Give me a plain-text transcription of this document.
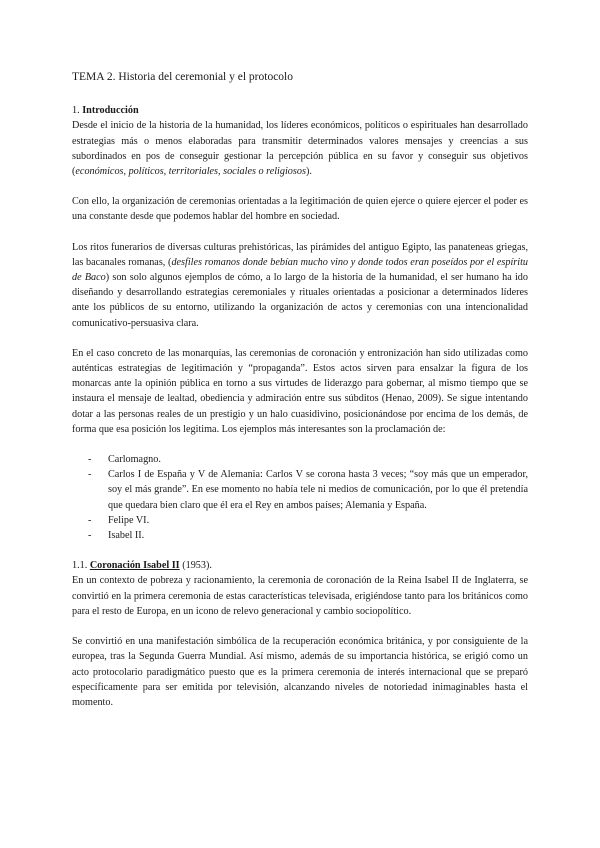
TEMA 2. Historia del ceremonial y el protocolo
1. Introducción

Desde el inicio de la historia de la humanidad, los líderes económicos, políticos o espirituales han desarrollado estrategias más o menos elaboradas para transmitir determinados valores mensajes y creencias a sus subordinados en pos de conseguir gestionar la percepción pública en su favor y conseguir sus objetivos (económicos, políticos, territoriales, sociales o religiosos).

Con ello, la organización de ceremonias orientadas a la legitimación de quien ejerce o quiere ejercer el poder es una constante desde que podemos hablar del hombre en sociedad.

Los ritos funerarios de diversas culturas prehistóricas, las pirámides del antiguo Egipto, las panateneas griegas, las bacanales romanas, (desfiles romanos donde bebían mucho vino y donde todos eran poseídos por el espíritu de Baco) son solo algunos ejemplos de cómo, a lo largo de la historia de la humanidad, el ser humano ha ido diseñando y desarrollando estrategias ceremoniales y rituales orientadas a posicionar a determinados líderes ante los públicos de su entorno, utilizando la organización de actos y ceremonias con una intencionalidad comunicativo-persuasiva clara.

En el caso concreto de las monarquías, las ceremonias de coronación y entronización han sido utilizadas como auténticas estrategias de legitimación y “propaganda”. Estos actos sirven para ensalzar la figura de los monarcas ante la opinión pública en torno a sus virtudes de liderazgo para gobernar, al mismo tiempo que se instaura el mensaje de lealtad, obediencia y admiración entre sus súbditos (Henao, 2009). Se sigue intentando dotar a las personas reales de un prestigio y un halo cuasidivino, posicionándose por encima de los demás, de forma que esa posición los legitima. Los ejemplos más interesantes son la proclamación de:

- Carlomagno.
- Carlos I de España y V de Alemania: Carlos V se corona hasta 3 veces; “soy más que un emperador, soy el más grande”. En ese momento no había tele ni medios de comunicación, por lo que él pretendía que quedara bien claro que él era el Rey en ambos países; Alemania y España.
- Felipe VI.
- Isabel II.
1.1. Coronación Isabel II (1953).

En un contexto de pobreza y racionamiento, la ceremonia de coronación de la Reina Isabel II de Inglaterra, se convirtió en la primera ceremonia de estas características televisada, erigiéndose tanto para los británicos como para el resto de Europa, en un icono de relevo generacional y cambio sociopolítico.

Se convirtió en una manifestación simbólica de la recuperación económica británica, y por consiguiente de la europea, tras la Segunda Guerra Mundial. Así mismo, además de su importancia histórica, se erigió como un acto protocolario paradigmático puesto que es la primera ceremonia de interés internacional que se preparó específicamente para ser emitida por televisión, alcanzando niveles de notoriedad inimaginables hasta el momento.
